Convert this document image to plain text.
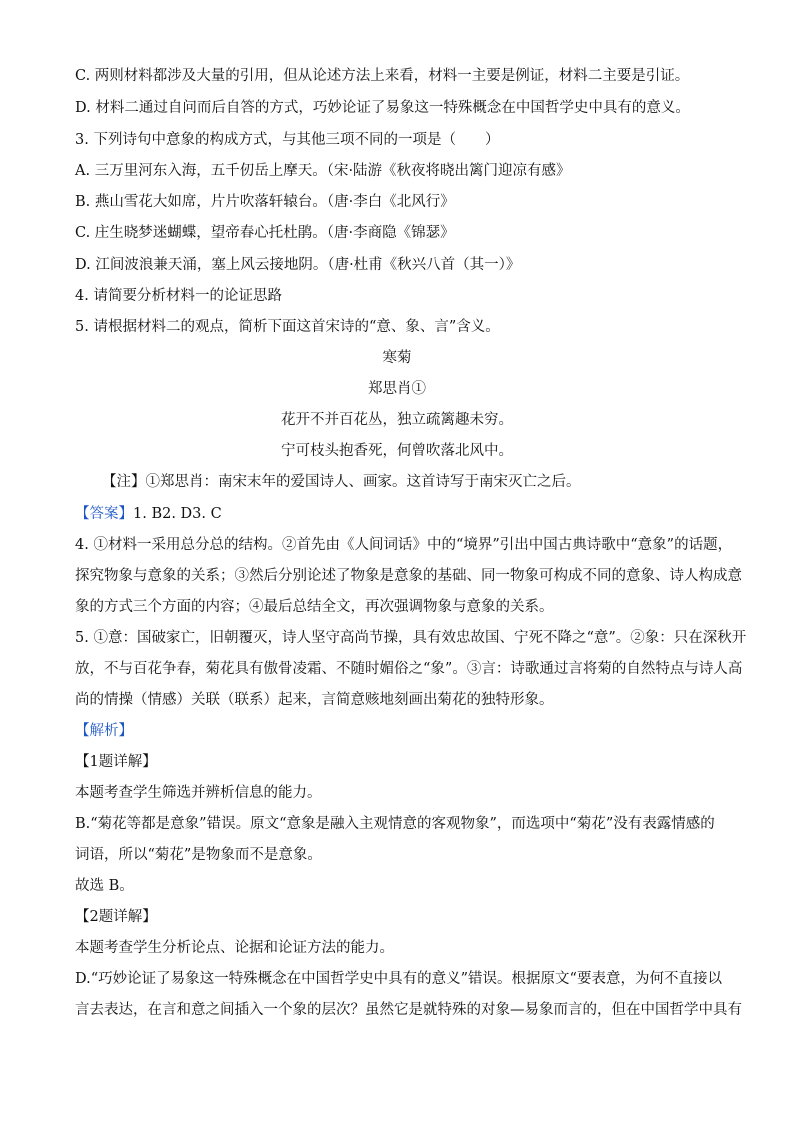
C. 两则材料都涉及大量的引用，但从论述方法上来看，材料一主要是例证，材料二主要是引证。
D. 材料二通过自问而后自答的方式，巧妙论证了易象这一特殊概念在中国哲学史中具有的意义。
3. 下列诗句中意象的构成方式，与其他三项不同的一项是（　　）
A. 三万里河东入海，五千仞岳上摩天。（宋·陆游《秋夜将晓出篱门迎凉有感》
B. 燕山雪花大如席，片片吹落轩辕台。（唐·李白《北风行》
C. 庄生晓梦迷蝴蝶，望帝春心托杜鹃。（唐·李商隐《锦瑟》
D. 江间波浪兼天涌，塞上风云接地阴。（唐·杜甫《秋兴八首（其一）》
4. 请简要分析材料一的论证思路
5. 请根据材料二的观点，简析下面这首宋诗的“意、象、言”含义。
寒菊
郑思肖①
花开不并百花丛，独立疏篱趣未穷。
宁可枝头抱香死，何曾吹落北风中。
【注】①郑思肖：南宋末年的爱国诗人、画家。这首诗写于南宋灭亡之后。
【答案】1. B2. D3. C
4. ①材料一采用总分总的结构。②首先由《人间词话》中的“境界”引出中国古典诗歌中“意象”的话题，
探究物象与意象的关系；③然后分别论述了物象是意象的基础、同一物象可构成不同的意象、诗人构成意
象的方式三个方面的内容；④最后总结全文，再次强调物象与意象的关系。
5. ①意：国破家亡，旧朝覆灭，诗人坚守高尚节操，具有效忠故国、宁死不降之“意”。②象：只在深秋开
放，不与百花争春，菊花具有傲骨凌霜、不随时媚俗之“象”。③言：诗歌通过言将菊的自然特点与诗人高
尚的情操（情感）关联（联系）起来，言简意赅地刻画出菊花的独特形象。
【解析】
【1题详解】
本题考查学生筛选并辨析信息的能力。
B.“菊花等都是意象”错误。原文“意象是融入主观情意的客观物象”，而选项中“菊花”没有表露情感的
词语，所以“菊花”是物象而不是意象。
故选 B。
【2题详解】
本题考查学生分析论点、论据和论证方法的能力。
D.“巧妙论证了易象这一特殊概念在中国哲学史中具有的意义”错误。根据原文“要表意，为何不直接以
言去表达，在言和意之间插入一个象的层次？虽然它是就特殊的对象—易象而言的，但在中国哲学中具有
